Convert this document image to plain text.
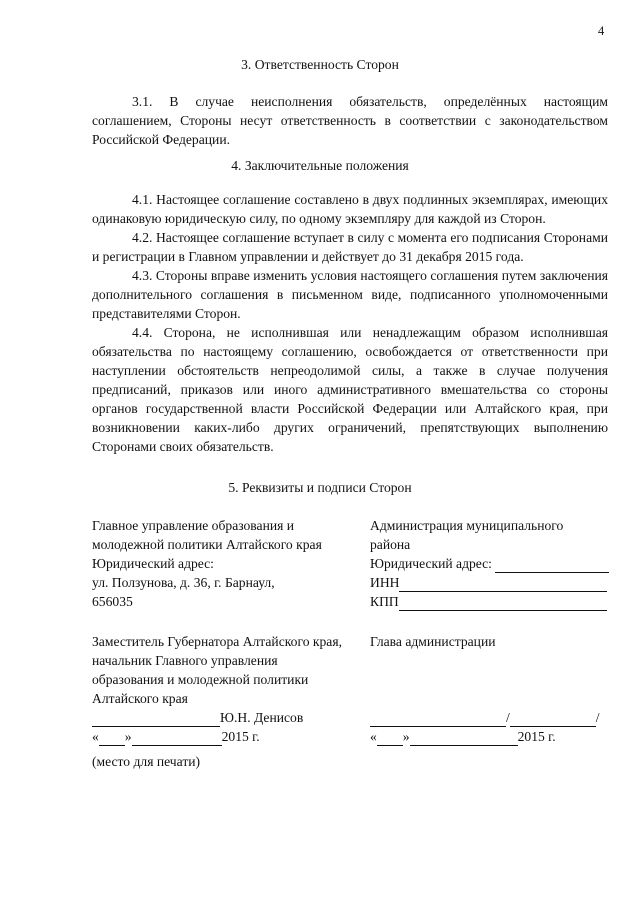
4
3. Ответственность Сторон

3.1. В случае неисполнения обязательств, определённых настоящим соглашением, Стороны несут ответственность в соответствии с законодательством Российской Федерации.

4. Заключительные положения

4.1. Настоящее соглашение составлено в двух подлинных экземплярах, имеющих одинаковую юридическую силу, по одному экземпляру для каждой из Сторон.

4.2. Настоящее соглашение вступает в силу с момента его подписания Сторонами и регистрации в Главном управлении и действует до 31 декабря 2015 года.

4.3. Стороны вправе изменить условия настоящего соглашения путем заключения дополнительного соглашения в письменном виде, подписанного уполномоченными представителями Сторон.

4.4. Сторона, не исполнившая или ненадлежащим образом исполнившая обязательства по настоящему соглашению, освобождается от ответственности при наступлении обстоятельств непреодолимой силы, а также в случае получения предписаний, приказов или иного административного вмешательства со стороны органов государственной власти Российской Федерации или Алтайского края, при возникновении каких-либо других ограничений, препятствующих выполнению Сторонами своих обязательств.

5. Реквизиты и подписи Сторон
Главное управление образования и
молодежной политики Алтайского края
Юридический адрес:
ул. Ползунова, д. 36, г. Барнаул,
656035
Администрация муниципального
района
Юридический адрес:
ИНН
КПП
Заместитель Губернатора Алтайского края,
начальник Главного управления
образования и молодежной политики
Алтайского края
Ю.Н. Денисов
« »	2015 г.
Глава администрации
/	/
« »	2015 г.
(место для печати)
